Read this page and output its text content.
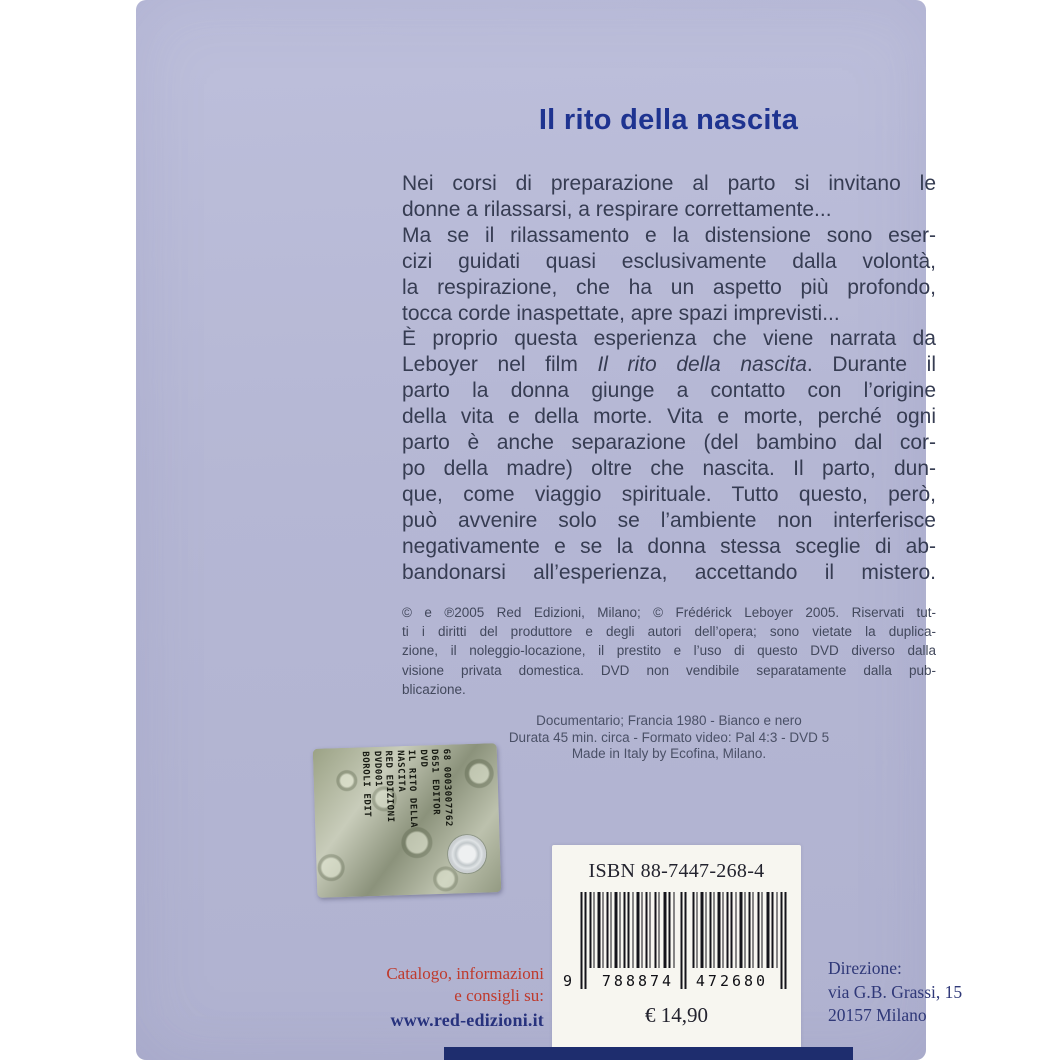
Il rito della nascita
Nei corsi di preparazione al parto si invitano le
donne a rilassarsi, a respirare correttamente...
Ma se il rilassamento e la distensione sono eser-
cizi guidati quasi esclusivamente dalla volontà,
la respirazione, che ha un aspetto più profondo,
tocca corde inaspettate, apre spazi imprevisti...
È proprio questa esperienza che viene narrata da
Leboyer nel film Il rito della nascita. Durante il
parto la donna giunge a contatto con l’origine
della vita e della morte. Vita e morte, perché ogni
parto è anche separazione (del bambino dal cor-
po della madre) oltre che nascita. Il parto, dun-
que, come viaggio spirituale. Tutto questo, però,
può avvenire solo se l’ambiente non interferisce
negativamente e se la donna stessa sceglie di ab-
bandonarsi all’esperienza, accettando il mistero.
© e ℗2005 Red Edizioni, Milano; © Frédérick Leboyer 2005. Riservati tut-
ti i diritti del produttore e degli autori dell’opera; sono vietate la duplica-
zione, il noleggio-locazione, il prestito e l’uso di questo DVD diverso dalla
visione privata domestica. DVD non vendibile separatamente dalla pub-
blicazione.
Documentario; Francia 1980 - Bianco e nero
Durata 45 min. circa - Formato video: Pal 4:3 - DVD 5
Made in Italy by Ecofina, Milano.
68 0003007762
D651 EDITOR
DVD
IL RITO DELLA
NASCITA
RED EDIZIONI
DVD001
BOROLI EDIT
ISBN 88-7447-268-4
9	788874	472680
€ 14,90
Catalogo, informazioni
e consigli su:
www.red-edizioni.it
Direzione:
via G.B. Grassi, 15
20157 Milano
